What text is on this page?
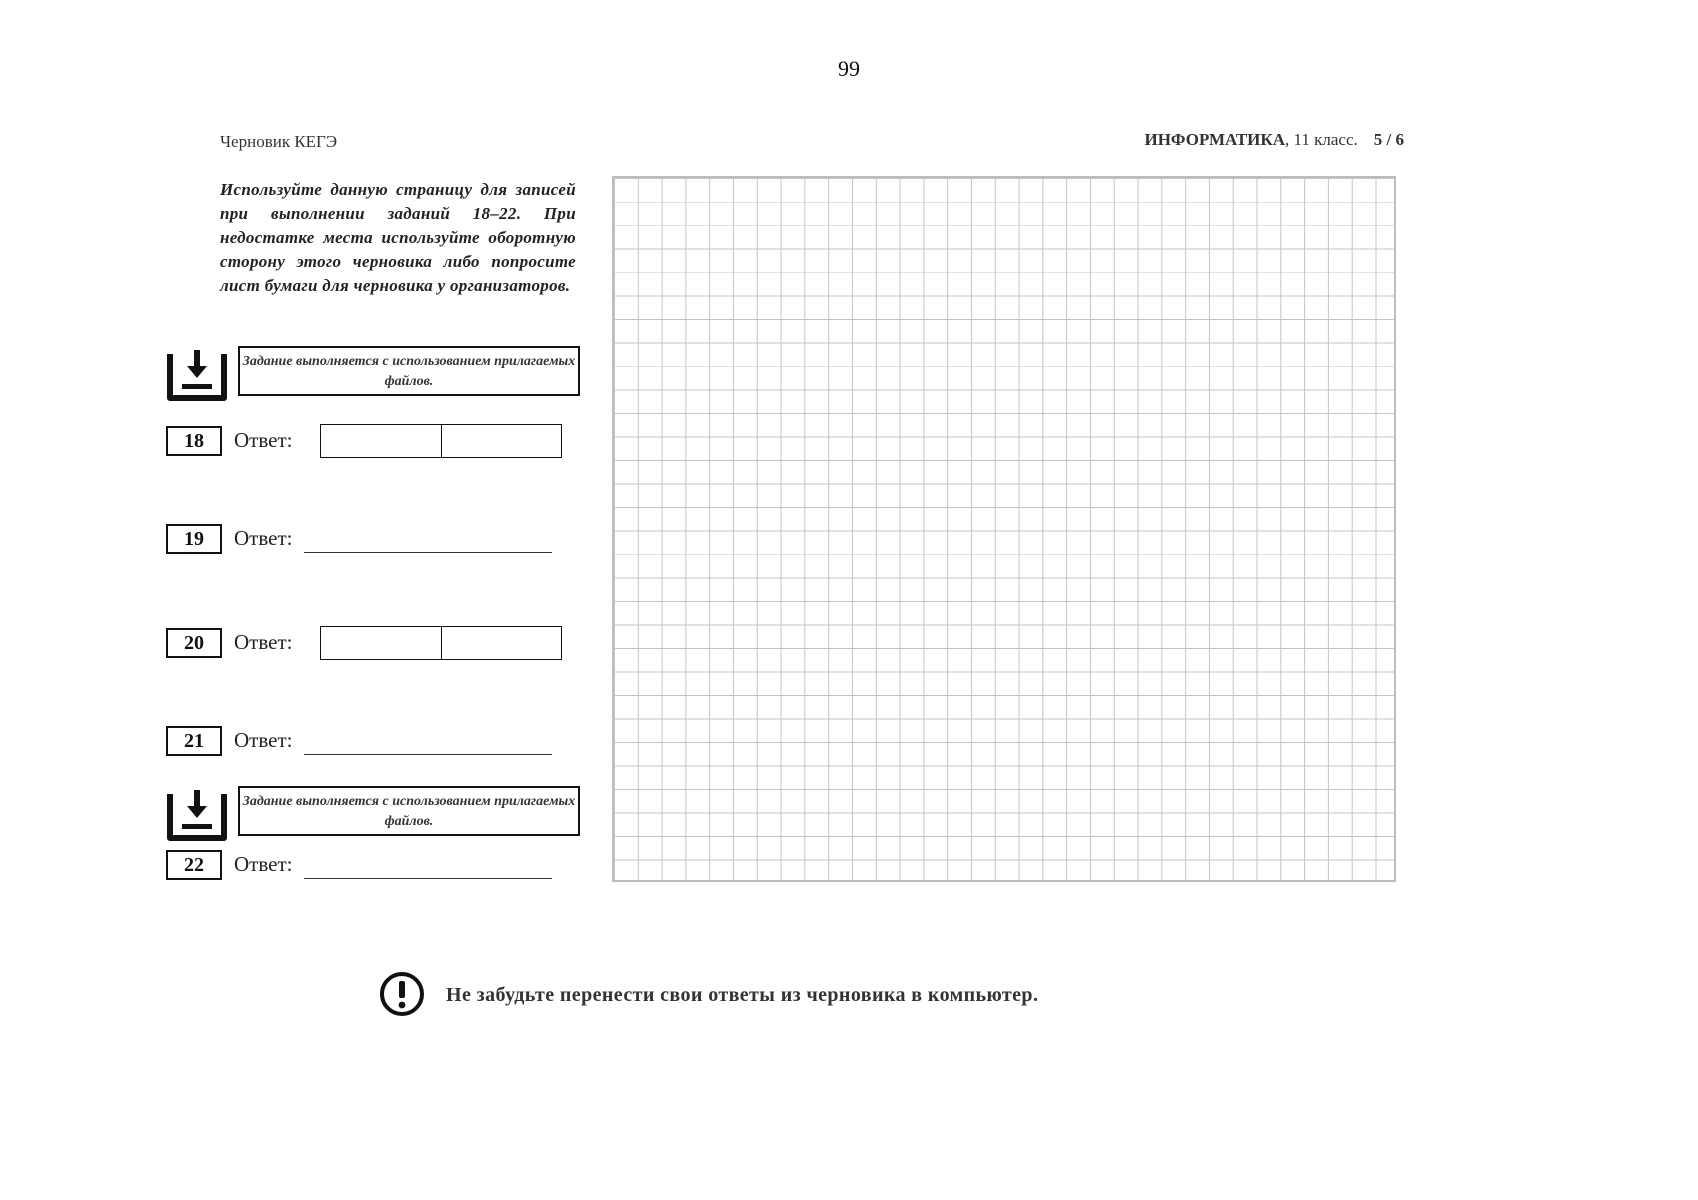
99
Черновик КЕГЭ	ИНФОРМАТИКА, 11 класс. 5 / 6
Используйте данную страницу для записей при выполнении заданий 18–22. При недостатке места используйте оборотную сторону этого черновика либо попросите лист бумаги для черновика у организаторов.
Задание выполняется с использованием прилагаемых файлов.
18	Ответ:
19	Ответ:
20	Ответ:
21	Ответ:
Задание выполняется с использованием прилагаемых файлов.
22	Ответ:
Не забудьте перенести свои ответы из черновика в компьютер.
